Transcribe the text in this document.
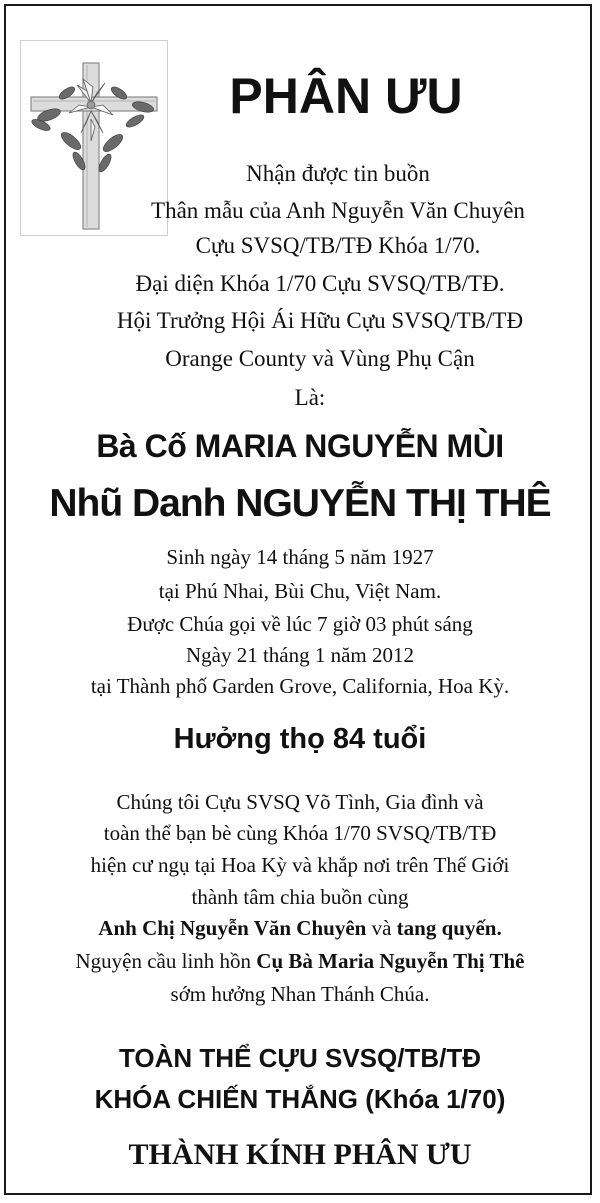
PHÂN ƯU
Nhận được tin buồn
Thân mẫu của Anh Nguyễn Văn Chuyên
Cựu SVSQ/TB/TĐ Khóa 1/70.
Đại diện Khóa 1/70 Cựu SVSQ/TB/TĐ.
Hội Trưởng Hội Ái Hữu Cựu SVSQ/TB/TĐ
Orange County và Vùng Phụ Cận
Là:
Bà Cố MARIA NGUYỄN MÙI
Nhũ Danh NGUYỄN THỊ THÊ
Sinh ngày 14 tháng 5 năm 1927
tại Phú Nhai, Bùi Chu, Việt Nam.
Được Chúa gọi về lúc 7 giờ 03 phút sáng
Ngày 21 tháng 1 năm 2012
tại Thành phố Garden Grove, California, Hoa Kỳ.
Hưởng thọ 84 tuổi
Chúng tôi Cựu SVSQ Võ Tình, Gia đình và
toàn thể bạn bè cùng Khóa 1/70 SVSQ/TB/TĐ
hiện cư ngụ tại Hoa Kỳ và khắp nơi trên Thế Giới
thành tâm chia buồn cùng
Anh Chị Nguyễn Văn Chuyên và tang quyến.
Nguyện cầu linh hồn Cụ Bà Maria Nguyễn Thị Thê
sớm hưởng Nhan Thánh Chúa.
TOÀN THỂ CỰU SVSQ/TB/TĐ
KHÓA CHIẾN THẮNG (Khóa 1/70)
THÀNH KÍNH PHÂN ƯU
